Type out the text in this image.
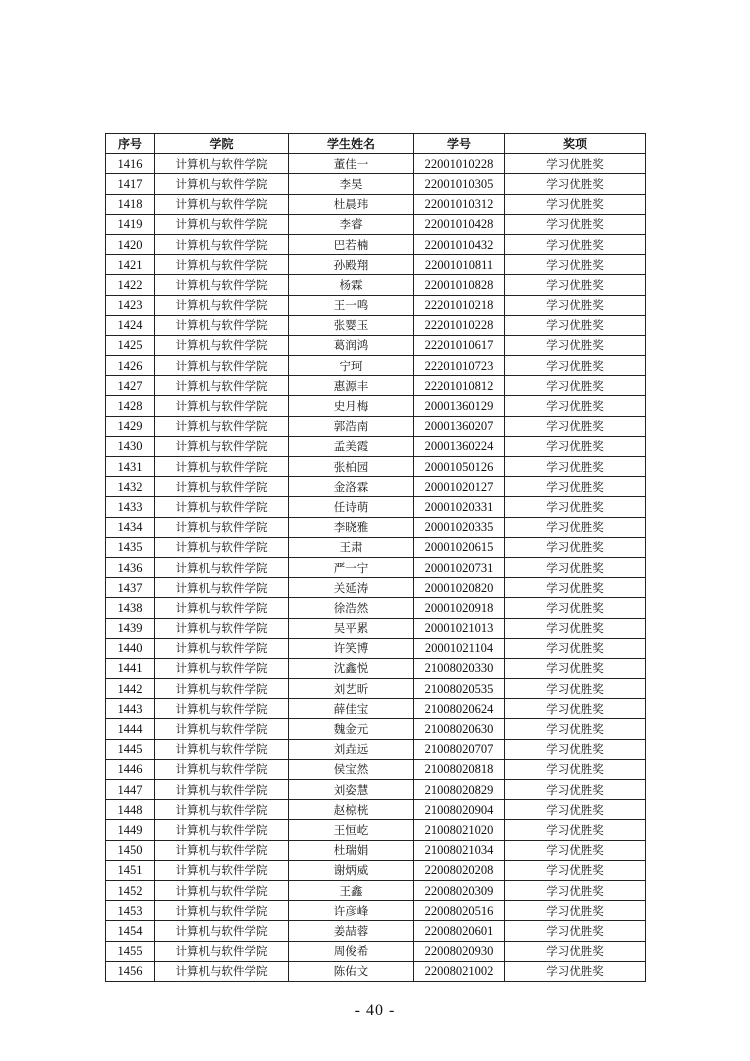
序号	学院	学生姓名	学号	奖项
1416	计算机与软件学院	董佳一	22001010228	学习优胜奖
1417	计算机与软件学院	李昊	22001010305	学习优胜奖
1418	计算机与软件学院	杜晨玮	22001010312	学习优胜奖
1419	计算机与软件学院	李睿	22001010428	学习优胜奖
1420	计算机与软件学院	巴若楠	22001010432	学习优胜奖
1421	计算机与软件学院	孙殿翔	22001010811	学习优胜奖
1422	计算机与软件学院	杨霖	22001010828	学习优胜奖
1423	计算机与软件学院	王一鸣	22201010218	学习优胜奖
1424	计算机与软件学院	张婴玉	22201010228	学习优胜奖
1425	计算机与软件学院	葛润鸿	22201010617	学习优胜奖
1426	计算机与软件学院	宁珂	22201010723	学习优胜奖
1427	计算机与软件学院	惠源丰	22201010812	学习优胜奖
1428	计算机与软件学院	史月梅	20001360129	学习优胜奖
1429	计算机与软件学院	郭浩南	20001360207	学习优胜奖
1430	计算机与软件学院	孟美霞	20001360224	学习优胜奖
1431	计算机与软件学院	张柏园	20001050126	学习优胜奖
1432	计算机与软件学院	金洛霖	20001020127	学习优胜奖
1433	计算机与软件学院	任诗萌	20001020331	学习优胜奖
1434	计算机与软件学院	李晓雅	20001020335	学习优胜奖
1435	计算机与软件学院	王肃	20001020615	学习优胜奖
1436	计算机与软件学院	严一宁	20001020731	学习优胜奖
1437	计算机与软件学院	关延涛	20001020820	学习优胜奖
1438	计算机与软件学院	徐浩然	20001020918	学习优胜奖
1439	计算机与软件学院	吴平累	20001021013	学习优胜奖
1440	计算机与软件学院	许笑博	20001021104	学习优胜奖
1441	计算机与软件学院	沈鑫悦	21008020330	学习优胜奖
1442	计算机与软件学院	刘艺昕	21008020535	学习优胜奖
1443	计算机与软件学院	薛佳宝	21008020624	学习优胜奖
1444	计算机与软件学院	魏金元	21008020630	学习优胜奖
1445	计算机与软件学院	刘垚远	21008020707	学习优胜奖
1446	计算机与软件学院	侯宝然	21008020818	学习优胜奖
1447	计算机与软件学院	刘姿慧	21008020829	学习优胜奖
1448	计算机与软件学院	赵椋桄	21008020904	学习优胜奖
1449	计算机与软件学院	王恒屹	21008021020	学习优胜奖
1450	计算机与软件学院	杜瑞娟	21008021034	学习优胜奖
1451	计算机与软件学院	谢炳威	22008020208	学习优胜奖
1452	计算机与软件学院	王鑫	22008020309	学习优胜奖
1453	计算机与软件学院	许彦峰	22008020516	学习优胜奖
1454	计算机与软件学院	姜喆蓉	22008020601	学习优胜奖
1455	计算机与软件学院	周俊希	22008020930	学习优胜奖
1456	计算机与软件学院	陈佑文	22008021002	学习优胜奖
- 40 -
